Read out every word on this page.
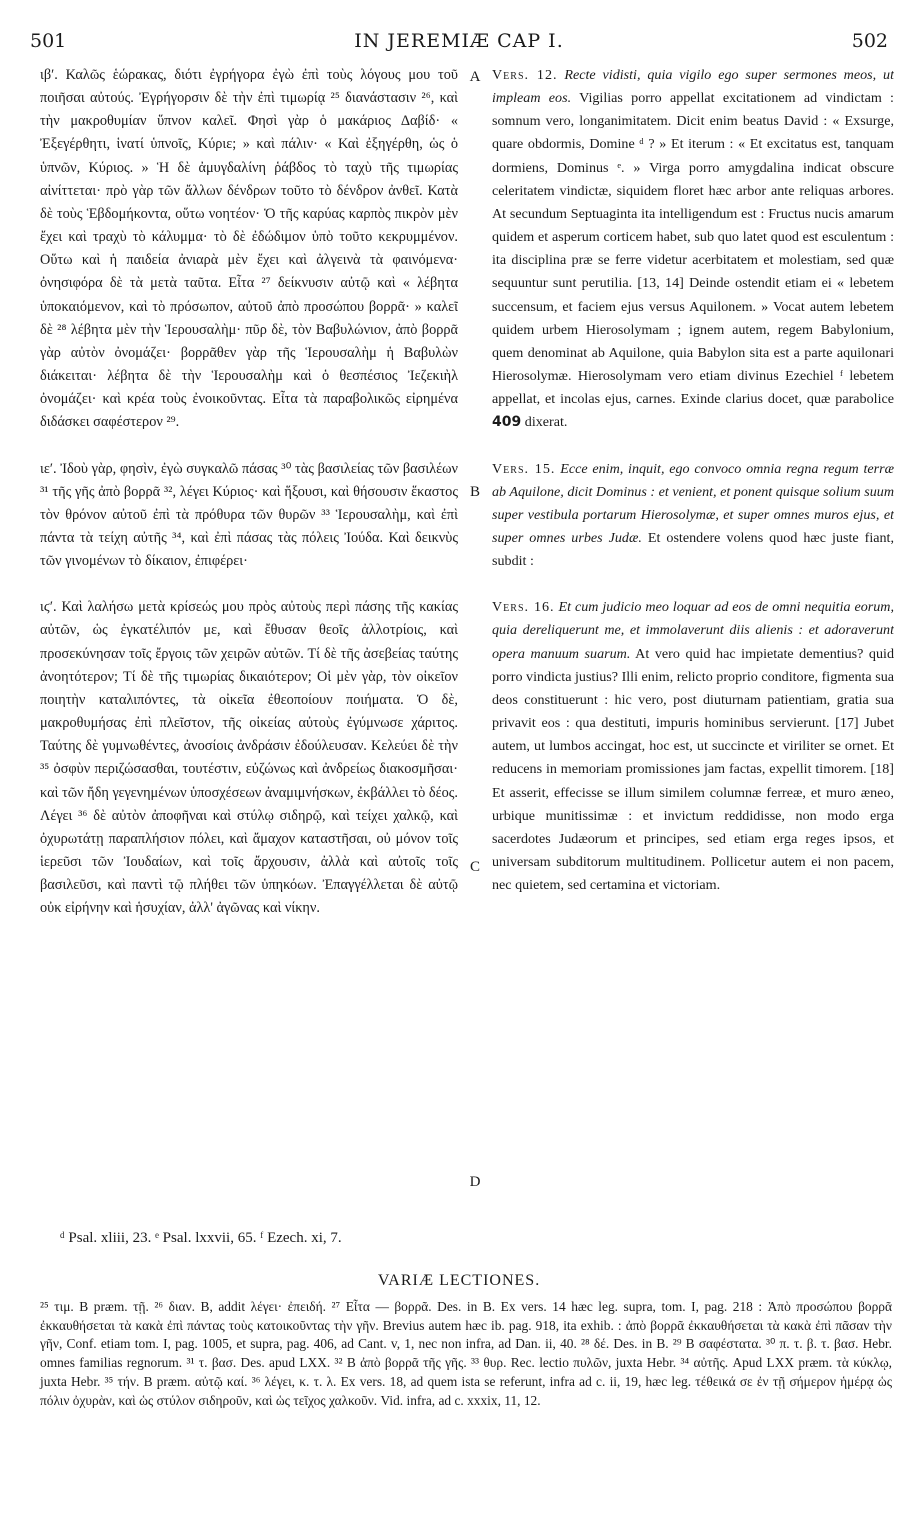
501	IN JEREMIÆ CAP I.	502

ιβʹ. Καλῶς ἑώρακας, διότι ἐγρήγορα ἐγὼ ἐπὶ τοὺς λόγους μου τοῦ ποιῆσαι αὐτούς. Ἐγρήγορσιν δὲ τὴν ἐπὶ τιμωρίᾳ ²⁵ διανάστασιν ²⁶, καὶ τὴν μακροθυμίαν ὕπνον καλεῖ. Φησὶ γὰρ ὁ μακάριος Δαβίδ· « Ἐξεγέρθητι, ἱνατί ὑπνοῖς, Κύριε; » καὶ πάλιν· « Καὶ ἐξηγέρθη, ὡς ὁ ὑπνῶν, Κύριος. » Ἡ δὲ ἀμυγδαλίνη ῥάβδος τὸ ταχὺ τῆς τιμωρίας αἰνίττεται· πρὸ γὰρ τῶν ἄλλων δένδρων τοῦτο τὸ δένδρον ἀνθεῖ. Κατὰ δὲ τοὺς Ἑβδομήκοντα, οὕτω νοητέον· Ὁ τῆς καρύας καρπὸς πικρὸν μὲν ἔχει καὶ τραχὺ τὸ κάλυμμα· τὸ δὲ ἐδώδιμον ὑπὸ τοῦτο κεκρυμμένον. Οὕτω καὶ ἡ παιδεία ἀνιαρὰ μὲν ἔχει καὶ ἀλγεινὰ τὰ φαινόμενα· ὀνησιφόρα δὲ τὰ μετὰ ταῦτα. Εἶτα ²⁷ δείκνυσιν αὐτῷ καὶ « λέβητα ὑποκαιόμενον, καὶ τὸ πρόσωπον, αὐτοῦ ἀπὸ προσώπου βορρᾶ· » καλεῖ δὲ ²⁸ λέβητα μὲν τὴν Ἱερουσαλὴμ· πῦρ δὲ, τὸν Βαβυλώνιον, ἀπὸ βορρᾶ γὰρ αὐτὸν ὀνομάζει· βορρᾶθεν γὰρ τῆς Ἱερουσαλὴμ ἡ Βαβυλὼν διάκειται· λέβητα δὲ τὴν Ἱερουσαλὴμ καὶ ὁ θεσπέσιος Ἰεζεκιὴλ ὀνομάζει· καὶ κρέα τοὺς ἐνοικοῦντας. Εἶτα τὰ παραβολικῶς εἰρημένα διδάσκει σαφέστερον ²⁹.

ιεʹ. Ἰδοὺ γὰρ, φησὶν, ἐγὼ συγκαλῶ πάσας ³⁰ τὰς βασιλείας τῶν βασιλέων ³¹ τῆς γῆς ἀπὸ βορρᾶ ³², λέγει Κύριος· καὶ ἥξουσι, καὶ θήσουσιν ἕκαστος τὸν θρόνον αὐτοῦ ἐπὶ τὰ πρόθυρα τῶν θυρῶν ³³ Ἱερουσαλὴμ, καὶ ἐπὶ πάντα τὰ τείχη αὐτῆς ³⁴, καὶ ἐπὶ πάσας τὰς πόλεις Ἰούδα. Καὶ δεικνὺς τῶν γινομένων τὸ δίκαιον, ἐπιφέρει·

ιϛʹ. Καὶ λαλήσω μετὰ κρίσεώς μου πρὸς αὐτοὺς περὶ πάσης τῆς κακίας αὐτῶν, ὡς ἐγκατέλιπόν με, καὶ ἔθυσαν θεοῖς ἀλλοτρίοις, καὶ προσεκύνησαν τοῖς ἔργοις τῶν χειρῶν αὐτῶν. Τί δὲ τῆς ἀσεβείας ταύτης ἀνοητότερον; Τί δὲ τῆς τιμωρίας δικαιότερον; Οἱ μὲν γὰρ, τὸν οἰκεῖον ποιητὴν καταλιπόντες, τὰ οἰκεῖα ἐθεοποίουν ποιήματα. Ὁ δὲ, μακροθυμήσας ἐπὶ πλεῖστον, τῆς οἰκείας αὐτοὺς ἐγύμνωσε χάριτος. Ταύτης δὲ γυμνωθέντες, ἀνοσίοις ἀνδράσιν ἐδούλευσαν. Κελεύει δὲ τὴν ³⁵ ὀσφὺν περιζώσασθαι, τουτέστιν, εὐζώνως καὶ ἀνδρείως διακοσμῆσαι· καὶ τῶν ἤδη γεγενημένων ὑποσχέσεων ἀναμιμνήσκων, ἐκβάλλει τὸ δέος. Λέγει ³⁶ δὲ αὐτὸν ἀποφῆναι καὶ στύλῳ σιδηρῷ, καὶ τείχει χαλκῷ, καὶ ὀχυρωτάτῃ παραπλήσιον πόλει, καὶ ἄμαχον καταστῆσαι, οὐ μόνον τοῖς ἱερεῦσι τῶν Ἰουδαίων, καὶ τοῖς ἄρχουσιν, ἀλλὰ καὶ αὐτοῖς τοῖς βασιλεῦσι, καὶ παντὶ τῷ πλήθει τῶν ὑπηκόων. Ἐπαγγέλλεται δὲ αὐτῷ οὐκ εἰρήνην καὶ ἡσυχίαν, ἀλλ' ἀγῶνας καὶ νίκην.

A
B
C
D

Vers. 12. Recte vidisti, quia vigilo ego super sermones meos, ut impleam eos. Vigilias porro appellat excitationem ad vindictam : somnum vero, longanimitatem. Dicit enim beatus David : « Exsurge, quare obdormis, Domine ᵈ ? » Et iterum : « Et excitatus est, tanquam dormiens, Dominus ᵉ. » Virga porro amygdalina indicat obscure celeritatem vindictæ, siquidem floret hæc arbor ante reliquas arbores. At secundum Septuaginta ita intelligendum est : Fructus nucis amarum quidem et asperum corticem habet, sub quo latet quod est esculentum : ita disciplina præ se ferre videtur acerbitatem et molestiam, sed quæ sequuntur sunt perutilia. [13, 14] Deinde ostendit etiam ei « lebetem succensum, et faciem ejus versus Aquilonem. » Vocat autem lebetem quidem urbem Hierosolymam ; ignem autem, regem Babylonium, quem denominat ab Aquilone, quia Babylon sita est a parte aquilonari Hierosolymæ. Hierosolymam vero etiam divinus Ezechiel ᶠ lebetem appellat, et incolas ejus, carnes. Exinde clarius docet, quæ parabolice 409 dixerat.

Vers. 15. Ecce enim, inquit, ego convoco omnia regna regum terræ ab Aquilone, dicit Dominus : et venient, et ponent quisque solium suum super vestibula portarum Hierosolymæ, et super omnes muros ejus, et super omnes urbes Judæ. Et ostendere volens quod hæc juste fiant, subdit :

Vers. 16. Et cum judicio meo loquar ad eos de omni nequitia eorum, quia dereliquerunt me, et immolaverunt diis alienis : et adoraverunt opera manuum suarum. At vero quid hac impietate dementius? quid porro vindicta justius? Illi enim, relicto proprio conditore, figmenta sua deos constituerunt : hic vero, post diuturnam patientiam, gratia sua privavit eos : qua destituti, impuris hominibus servierunt. [17] Jubet autem, ut lumbos accingat, hoc est, ut succincte et viriliter se ornet. Et reducens in memoriam promissiones jam factas, expellit timorem. [18] Et asserit, effecisse se illum similem columnæ ferreæ, et muro æneo, urbique munitissimæ : et invictum reddidisse, non modo erga sacerdotes Judæorum et principes, sed etiam erga reges ipsos, et universam subditorum multitudinem. Pollicetur autem ei non pacem, nec quietem, sed certamina et victoriam.

ᵈ Psal. xliii, 23. ᵉ Psal. lxxvii, 65. ᶠ Ezech. xi, 7.
VARIÆ LECTIONES.

²⁵ τιμ. B præm. τῇ. ²⁶ διαν. B, addit λέγει· ἐπειδή. ²⁷ Εἶτα — βορρᾶ. Des. in B. Ex vers. 14 hæc leg. supra, tom. I, pag. 218 : Ἀπὸ προσώπου βορρᾶ ἐκκαυθήσεται τὰ κακὰ ἐπὶ πάντας τοὺς κατοικοῦντας τὴν γῆν. Brevius autem hæc ib. pag. 918, ita exhib. : ἀπὸ βορρᾶ ἐκκαυθήσεται τὰ κακὰ ἐπὶ πᾶσαν τὴν γῆν, Conf. etiam tom. I, pag. 1005, et supra, pag. 406, ad Cant. v, 1, nec non infra, ad Dan. ii, 40. ²⁸ δέ. Des. in B. ²⁹ B σαφέστατα. ³⁰ π. τ. β. τ. βασ. Hebr. omnes familias regnorum. ³¹ τ. βασ. Des. apud LXX. ³² B ἀπὸ βορρᾶ τῆς γῆς. ³³ θυρ. Rec. lectio πυλῶν, juxta Hebr. ³⁴ αὐτῆς. Apud LXX præm. τὰ κύκλῳ, juxta Hebr. ³⁵ τήν. B præm. αὐτῷ καί. ³⁶ λέγει, κ. τ. λ. Ex vers. 18, ad quem ista se referunt, infra ad c. ii, 19, hæc leg. τέθεικά σε ἐν τῇ σήμερον ἡμέρᾳ ὡς πόλιν ὀχυρὰν, καὶ ὡς στύλον σιδηροῦν, καὶ ὡς τεῖχος χαλκοῦν. Vid. infra, ad c. xxxix, 11, 12.
